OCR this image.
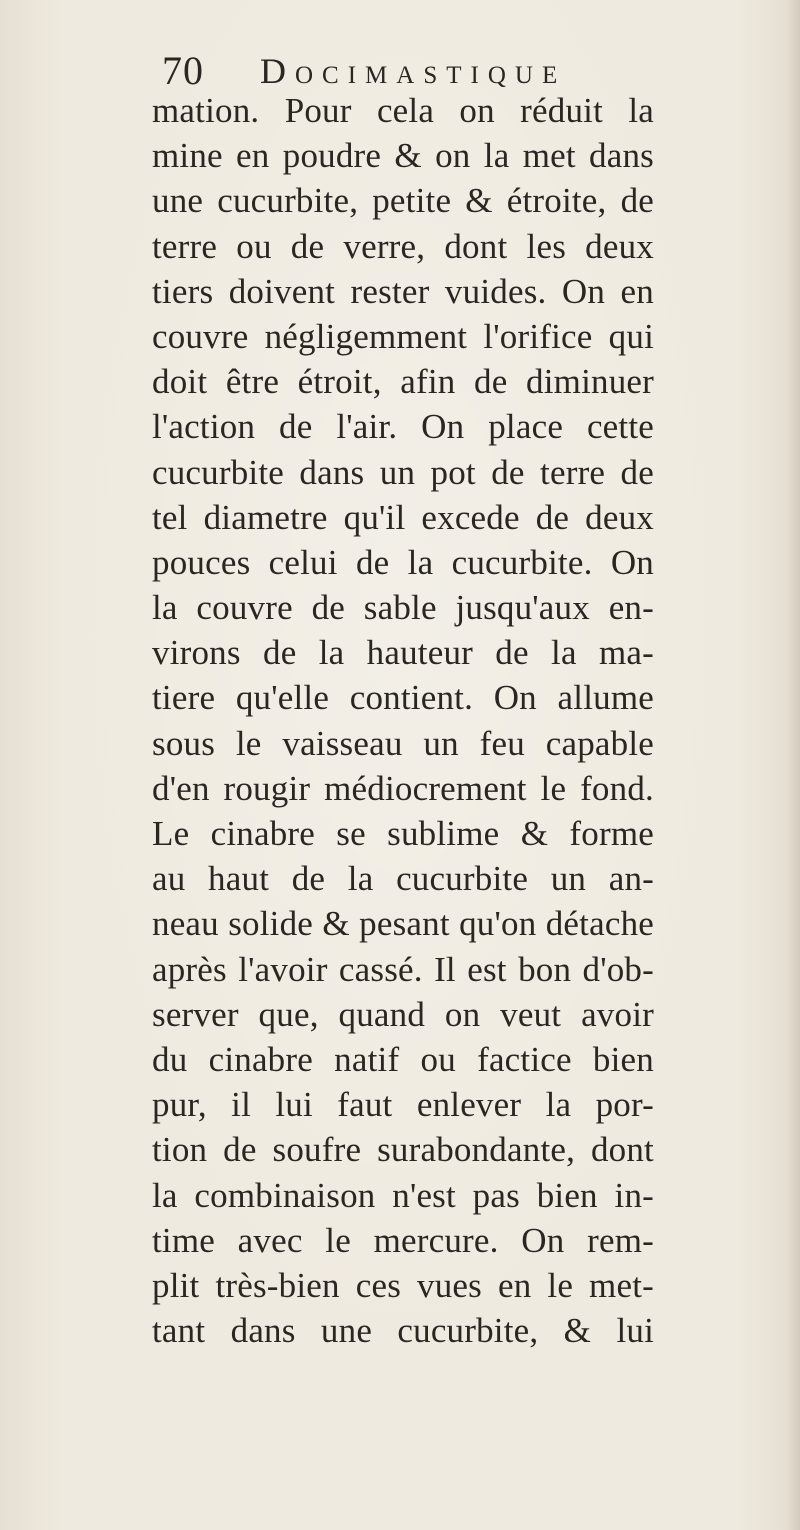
70 Docimastique
mation. Pour cela on réduit la
mine en poudre & on la met dans
une cucurbite, petite & étroite, de
terre ou de verre, dont les deux
tiers doivent rester vuides. On en
couvre négligemment l'orifice qui
doit être étroit, afin de diminuer
l'action de l'air. On place cette
cucurbite dans un pot de terre de
tel diametre qu'il excede de deux
pouces celui de la cucurbite. On
la couvre de sable jusqu'aux en-
virons de la hauteur de la ma-
tiere qu'elle contient. On allume
sous le vaisseau un feu capable
d'en rougir médiocrement le fond.
Le cinabre se sublime & forme
au haut de la cucurbite un an-
neau solide & pesant qu'on détache
après l'avoir cassé. Il est bon d'ob-
server que, quand on veut avoir
du cinabre natif ou factice bien
pur, il lui faut enlever la por-
tion de soufre surabondante, dont
la combinaison n'est pas bien in-
time avec le mercure. On rem-
plit très-bien ces vues en le met-
tant dans une cucurbite, & lui
